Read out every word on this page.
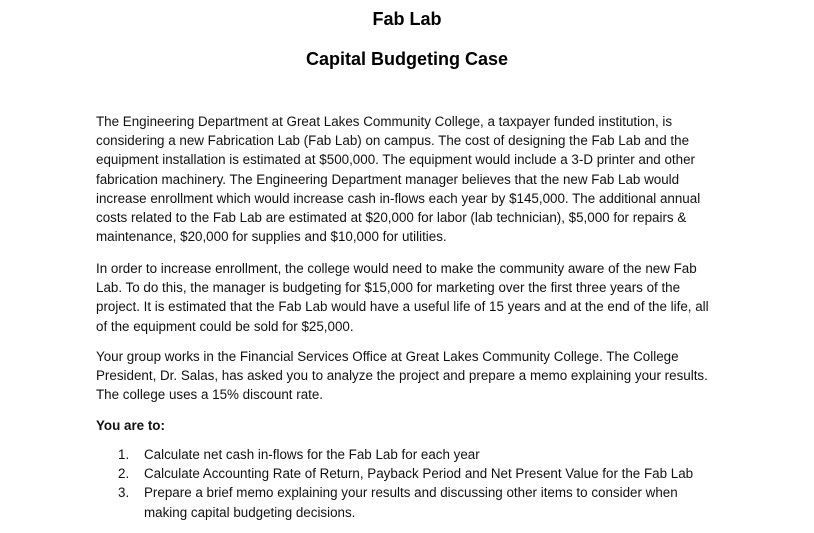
Fab Lab
Capital Budgeting Case
The Engineering Department at Great Lakes Community College, a taxpayer funded institution, is considering a new Fabrication Lab (Fab Lab) on campus. The cost of designing the Fab Lab and the equipment installation is estimated at $500,000. The equipment would include a 3-D printer and other fabrication machinery. The Engineering Department manager believes that the new Fab Lab would increase enrollment which would increase cash in-flows each year by $145,000. The additional annual costs related to the Fab Lab are estimated at $20,000 for labor (lab technician), $5,000 for repairs & maintenance, $20,000 for supplies and $10,000 for utilities.
In order to increase enrollment, the college would need to make the community aware of the new Fab Lab. To do this, the manager is budgeting for $15,000 for marketing over the first three years of the project. It is estimated that the Fab Lab would have a useful life of 15 years and at the end of the life, all of the equipment could be sold for $25,000.
Your group works in the Financial Services Office at Great Lakes Community College. The College President, Dr. Salas, has asked you to analyze the project and prepare a memo explaining your results. The college uses a 15% discount rate.
You are to:
1. Calculate net cash in-flows for the Fab Lab for each year
2. Calculate Accounting Rate of Return, Payback Period and Net Present Value for the Fab Lab
3. Prepare a brief memo explaining your results and discussing other items to consider when making capital budgeting decisions.
